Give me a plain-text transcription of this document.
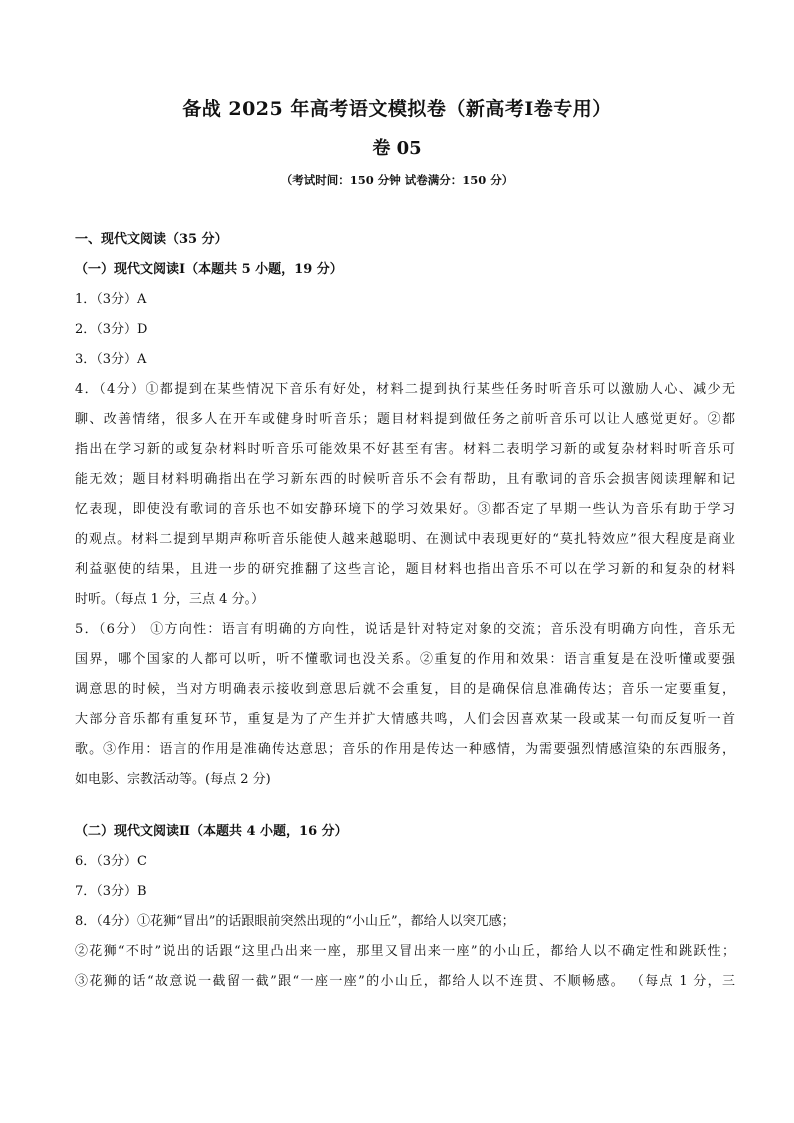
备战 2025 年高考语文模拟卷（新高考Ⅰ卷专用）
卷 05
（考试时间：150 分钟 试卷满分：150 分）
一、现代文阅读（35 分）
（一）现代文阅读Ⅰ（本题共 5 小题，19 分）
1．（3分）A
2．（3分）D
3．（3分）A
4．（4分）①都提到在某些情况下音乐有好处，材料二提到执行某些任务时听音乐可以激励人心、减少无
聊、改善情绪，很多人在开车或健身时听音乐；题目材料提到做任务之前听音乐可以让人感觉更好。②都
指出在学习新的或复杂材料时听音乐可能效果不好甚至有害。材料二表明学习新的或复杂材料时听音乐可
能无效；题目材料明确指出在学习新东西的时候听音乐不会有帮助，且有歌词的音乐会损害阅读理解和记
忆表现，即使没有歌词的音乐也不如安静环境下的学习效果好。③都否定了早期一些认为音乐有助于学习
的观点。材料二提到早期声称听音乐能使人越来越聪明、在测试中表现更好的“莫扎特效应”很大程度是商业
利益驱使的结果，且进一步的研究推翻了这些言论，题目材料也指出音乐不可以在学习新的和复杂的材料
时听。（每点 1 分，三点 4 分。）
5．（6分） ①方向性：语言有明确的方向性，说话是针对特定对象的交流；音乐没有明确方向性，音乐无
国界，哪个国家的人都可以听，听不懂歌词也没关系。②重复的作用和效果：语言重复是在没听懂或要强
调意思的时候，当对方明确表示接收到意思后就不会重复，目的是确保信息准确传达；音乐一定要重复，
大部分音乐都有重复环节，重复是为了产生并扩大情感共鸣，人们会因喜欢某一段或某一句而反复听一首
歌。③作用：语言的作用是准确传达意思；音乐的作用是传达一种感情，为需要强烈情感渲染的东西服务，
如电影、宗教活动等。(每点 2 分)
（二）现代文阅读Ⅱ（本题共 4 小题，16 分）
6．（3分）C
7．（3分）B
8．（4分）①花狮“冒出”的话跟眼前突然出现的“小山丘”，都给人以突兀感；
②花狮“不时”说出的话跟“这里凸出来一座，那里又冒出来一座”的小山丘，都给人以不确定性和跳跃性；
③花狮的话“故意说一截留一截”跟“一座一座”的小山丘，都给人以不连贯、不顺畅感。 （每点 1 分，三
